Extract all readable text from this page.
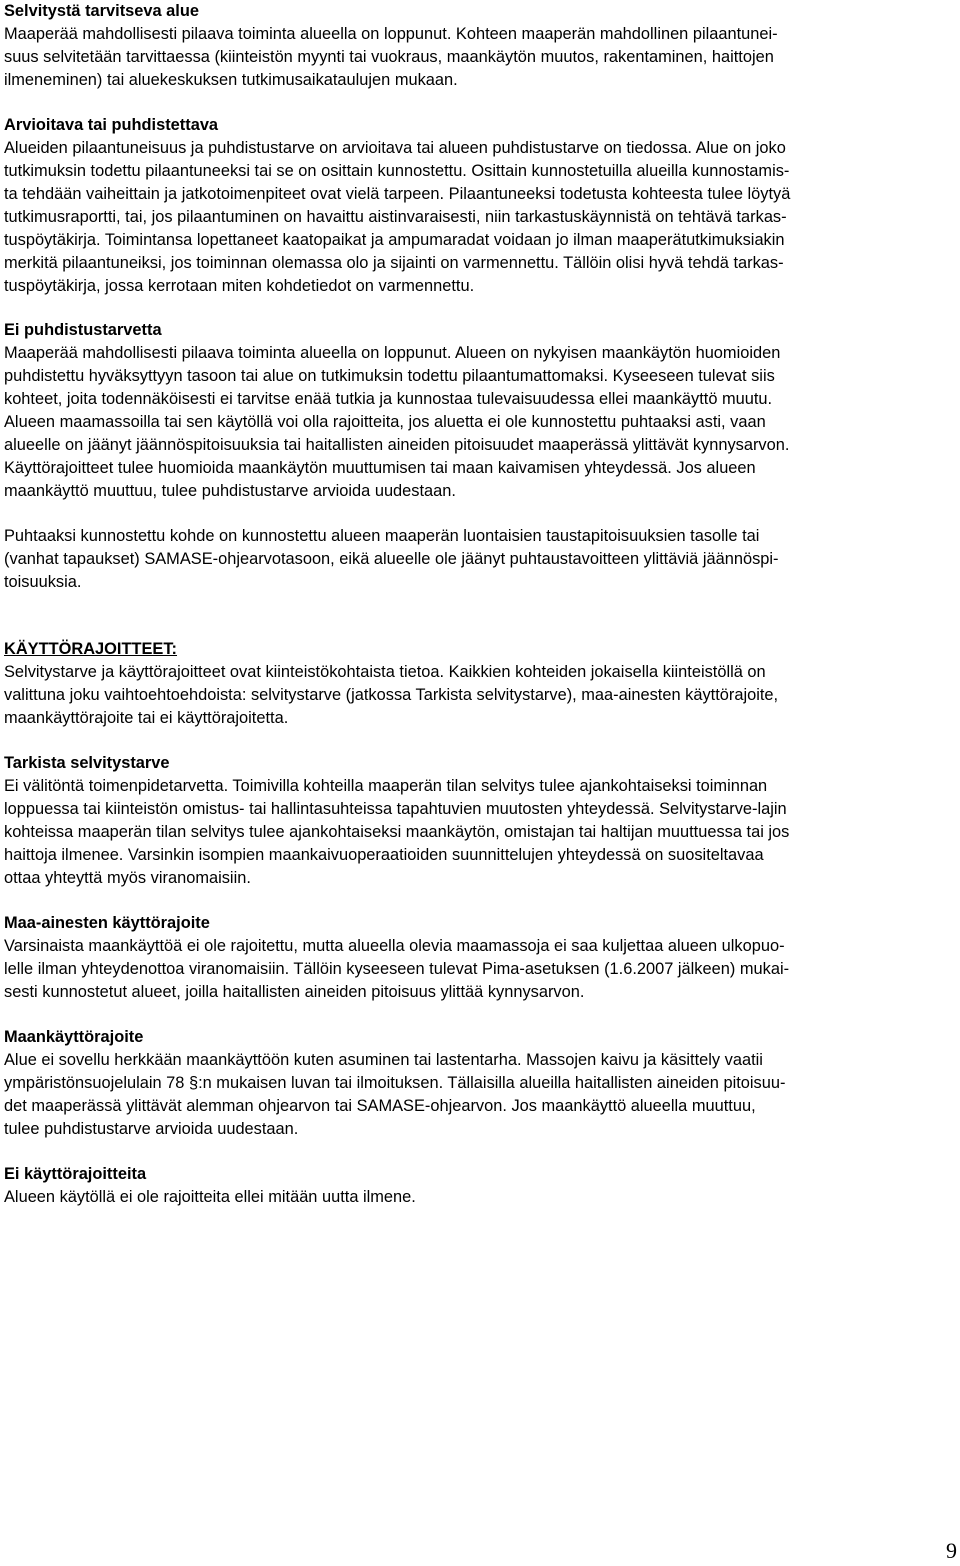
Selvitystä tarvitseva alue

Maaperää mahdollisesti pilaava toiminta alueella on loppunut. Kohteen maaperän mahdollinen pilaantunei-
suus selvitetään tarvittaessa (kiinteistön myynti tai vuokraus, maankäytön muutos, rakentaminen, haittojen
ilmeneminen) tai aluekeskuksen tutkimusaikataulujen mukaan.

Arvioitava tai puhdistettava

Alueiden pilaantuneisuus ja puhdistustarve on arvioitava tai alueen puhdistustarve on tiedossa. Alue on joko
tutkimuksin todettu pilaantuneeksi tai se on osittain kunnostettu. Osittain kunnostetuilla alueilla kunnostamis-
ta tehdään vaiheittain ja jatkotoimenpiteet ovat vielä tarpeen. Pilaantuneeksi todetusta kohteesta tulee löytyä
tutkimusraportti, tai, jos pilaantuminen on havaittu aistinvaraisesti, niin tarkastuskäynnistä on tehtävä tarkas-
tuspöytäkirja. Toimintansa lopettaneet kaatopaikat ja ampumaradat voidaan jo ilman maaperätutkimuksiakin
merkitä pilaantuneiksi, jos toiminnan olemassa olo ja sijainti on varmennettu. Tällöin olisi hyvä tehdä tarkas-
tuspöytäkirja, jossa kerrotaan miten kohdetiedot on varmennettu.

Ei puhdistustarvetta

Maaperää mahdollisesti pilaava toiminta alueella on loppunut. Alueen on nykyisen maankäytön huomioiden
puhdistettu hyväksyttyyn tasoon tai alue on tutkimuksin todettu pilaantumattomaksi. Kyseeseen tulevat siis
kohteet, joita todennäköisesti ei tarvitse enää tutkia ja kunnostaa tulevaisuudessa ellei maankäyttö muutu.
Alueen maamassoilla tai sen käytöllä voi olla rajoitteita, jos aluetta ei ole kunnostettu puhtaaksi asti, vaan
alueelle on jäänyt jäännöspitoisuuksia tai haitallisten aineiden pitoisuudet maaperässä ylittävät kynnysarvon.
Käyttörajoitteet tulee huomioida maankäytön muuttumisen tai maan kaivamisen yhteydessä. Jos alueen
maankäyttö muuttuu, tulee puhdistustarve arvioida uudestaan.

Puhtaaksi kunnostettu kohde on kunnostettu alueen maaperän luontaisien taustapitoisuuksien tasolle tai
(vanhat tapaukset) SAMASE-ohjearvotasoon, eikä alueelle ole jäänyt puhtaustavoitteen ylittäviä jäännöspi-
toisuuksia.

KÄYTTÖRAJOITTEET:

Selvitystarve ja käyttörajoitteet ovat kiinteistökohtaista tietoa. Kaikkien kohteiden jokaisella kiinteistöllä on
valittuna joku vaihtoehtoehdoista: selvitystarve (jatkossa Tarkista selvitystarve), maa-ainesten käyttörajoite,
maankäyttörajoite tai ei käyttörajoitetta.

Tarkista selvitystarve

Ei välitöntä toimenpidetarvetta. Toimivilla kohteilla maaperän tilan selvitys tulee ajankohtaiseksi toiminnan
loppuessa tai kiinteistön omistus- tai hallintasuhteissa tapahtuvien muutosten yhteydessä. Selvitystarve-lajin
kohteissa maaperän tilan selvitys tulee ajankohtaiseksi maankäytön, omistajan tai haltijan muuttuessa tai jos
haittoja ilmenee. Varsinkin isompien maankaivuoperaatioiden suunnittelujen yhteydessä on suositeltavaa
ottaa yhteyttä myös viranomaisiin.

Maa-ainesten käyttörajoite

Varsinaista maankäyttöä ei ole rajoitettu, mutta alueella olevia maamassoja ei saa kuljettaa alueen ulkopuo-
lelle ilman yhteydenottoa viranomaisiin. Tällöin kyseeseen tulevat Pima-asetuksen (1.6.2007 jälkeen) mukai-
sesti kunnostetut alueet, joilla haitallisten aineiden pitoisuus ylittää kynnysarvon.

Maankäyttörajoite

Alue ei sovellu herkkään maankäyttöön kuten asuminen tai lastentarha. Massojen kaivu ja käsittely vaatii
ympäristönsuojelulain 78 §:n mukaisen luvan tai ilmoituksen. Tällaisilla alueilla haitallisten aineiden pitoisuu-
det maaperässä ylittävät alemman ohjearvon tai SAMASE-ohjearvon. Jos maankäyttö alueella muuttuu,
tulee puhdistustarve arvioida uudestaan.

Ei käyttörajoitteita

Alueen käytöllä ei ole rajoitteita ellei mitään uutta ilmene.

9
